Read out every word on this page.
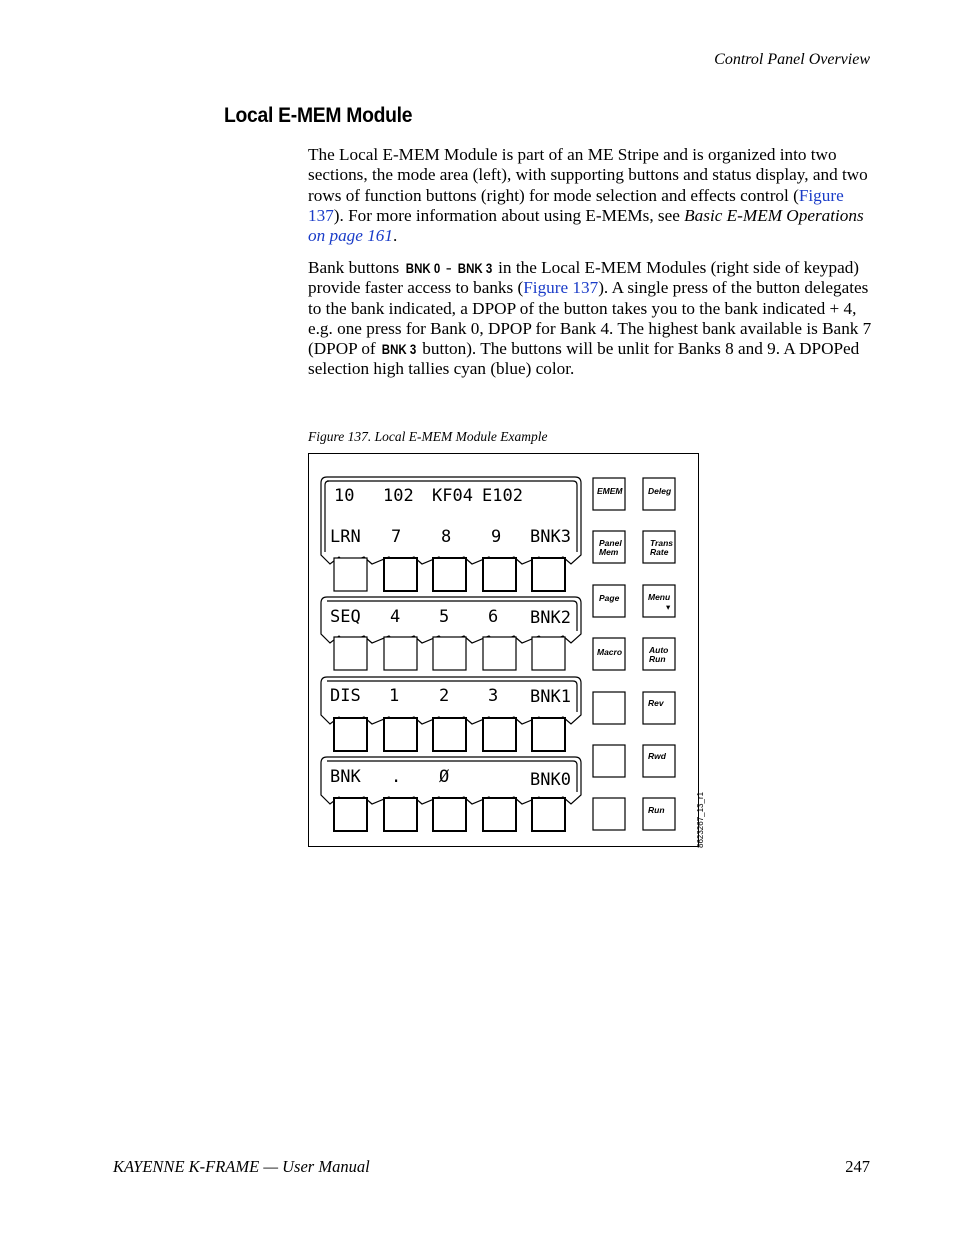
Control Panel Overview
Local E-MEM Module
The Local E-MEM Module is part of an ME Stripe and is organized into two sections, the mode area (left), with supporting buttons and status display, and two rows of function buttons (right) for mode selection and effects control (Figure 137). For more information about using E-MEMs, see Basic E-MEM Operations on page 161.
Bank buttons BNK 0 - BNK 3 in the Local E-MEM Modules (right side of keypad) provide faster access to banks (Figure 137). A single press of the button delegates to the bank indicated, a DPOP of the button takes you to the bank indicated + 4, e.g. one press for Bank 0, DPOP for Bank 4. The highest bank available is Bank 7 (DPOP of BNK 3 button). The buttons will be unlit for Banks 8 and 9. A DPOPed selection high tallies cyan (blue) color.
Figure 137. Local E-MEM Module Example
10 102 KF04 E102
LRN 7 8 9 BNK3
SEQ 4 5 6 BNK2
DIS 1 2 3 BNK1
BNK . Ø	BNK0
EMEM	Deleg
Panel
Mem
Trans
Rate
Page	Menu
▾
Macro	Auto
Run
Rev
Rwd
Run	8623267_13_r1
KAYENNE K-FRAME — User Manual	247
